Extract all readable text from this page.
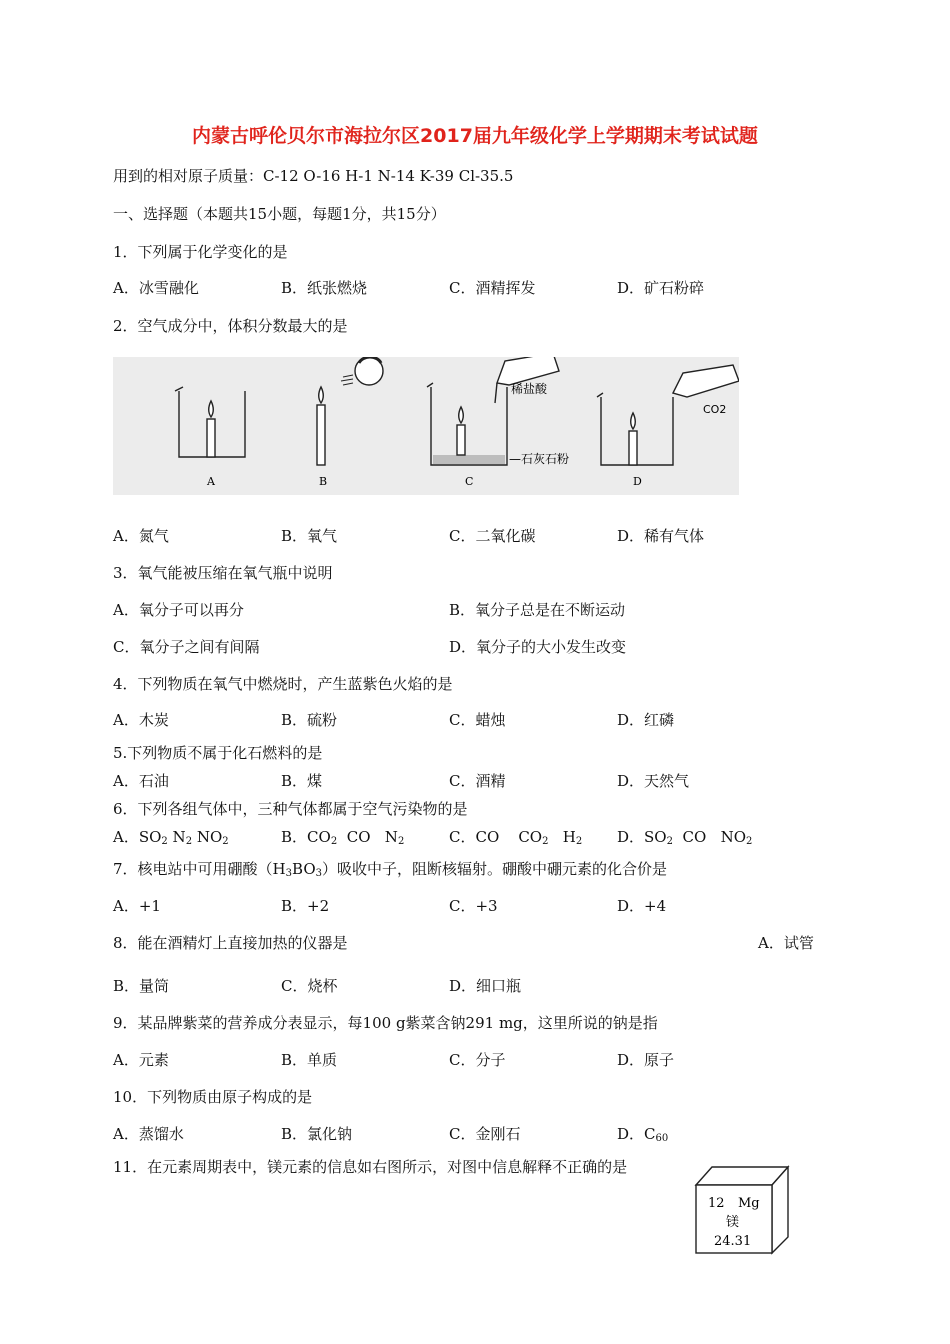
内蒙古呼伦贝尔市海拉尔区2017届九年级化学上学期期末考试试题
用到的相对原子质量：C-12 O-16 H-1 N-14 K-39 Cl-35.5
一、选择题（本题共15小题，每题1分，共15分）
1．下列属于化学变化的是
A．冰雪融化	B．纸张燃烧	C．酒精挥发	D．矿石粉碎
2．空气成分中，体积分数最大的是
A	B	C	D
稀盐酸
—石灰石粉
CO2
A．氮气	B．氧气	C．二氧化碳	D．稀有气体
3．氧气能被压缩在氧气瓶中说明
A．氧分子可以再分	B．氧分子总是在不断运动
C．氧分子之间有间隔	D．氧分子的大小发生改变
4．下列物质在氧气中燃烧时，产生蓝紫色火焰的是
A．木炭	B．硫粉	C．蜡烛	D．红磷
5.下列物质不属于化石燃料的是
A．石油	B．煤	C．酒精	D．天然气
6．下列各组气体中，三种气体都属于空气污染物的是
A．$SO_2$ $N_2$ $NO_2$	B．$CO_2$  CO   $N_2$	C．CO    $CO_2$   $H_2$ D．$SO_2$  CO   $NO_2$
7．核电站中可用硼酸$(H_3BO_3)$吸收中子，阻断核辐射。硼酸中硼元素的化合价是
A．+1	B．+2	C．+3	D．+4
8．能在酒精灯上直接加热的仪器是	A．试管
B．量筒	C．烧杯	D．细口瓶
9．某品牌紫菜的营养成分表显示，每100 g紫菜含钠291 mg，这里所说的钠是指
A．元素	B．单质	C．分子	D．原子
10．下列物质由原子构成的是
A．蒸馏水	B．氯化钠	C．金刚石	D．$C_{60}$
11．在元素周期表中，镁元素的信息如右图所示，对图中信息解释不正确的是
12 Mg
镁
24.31
